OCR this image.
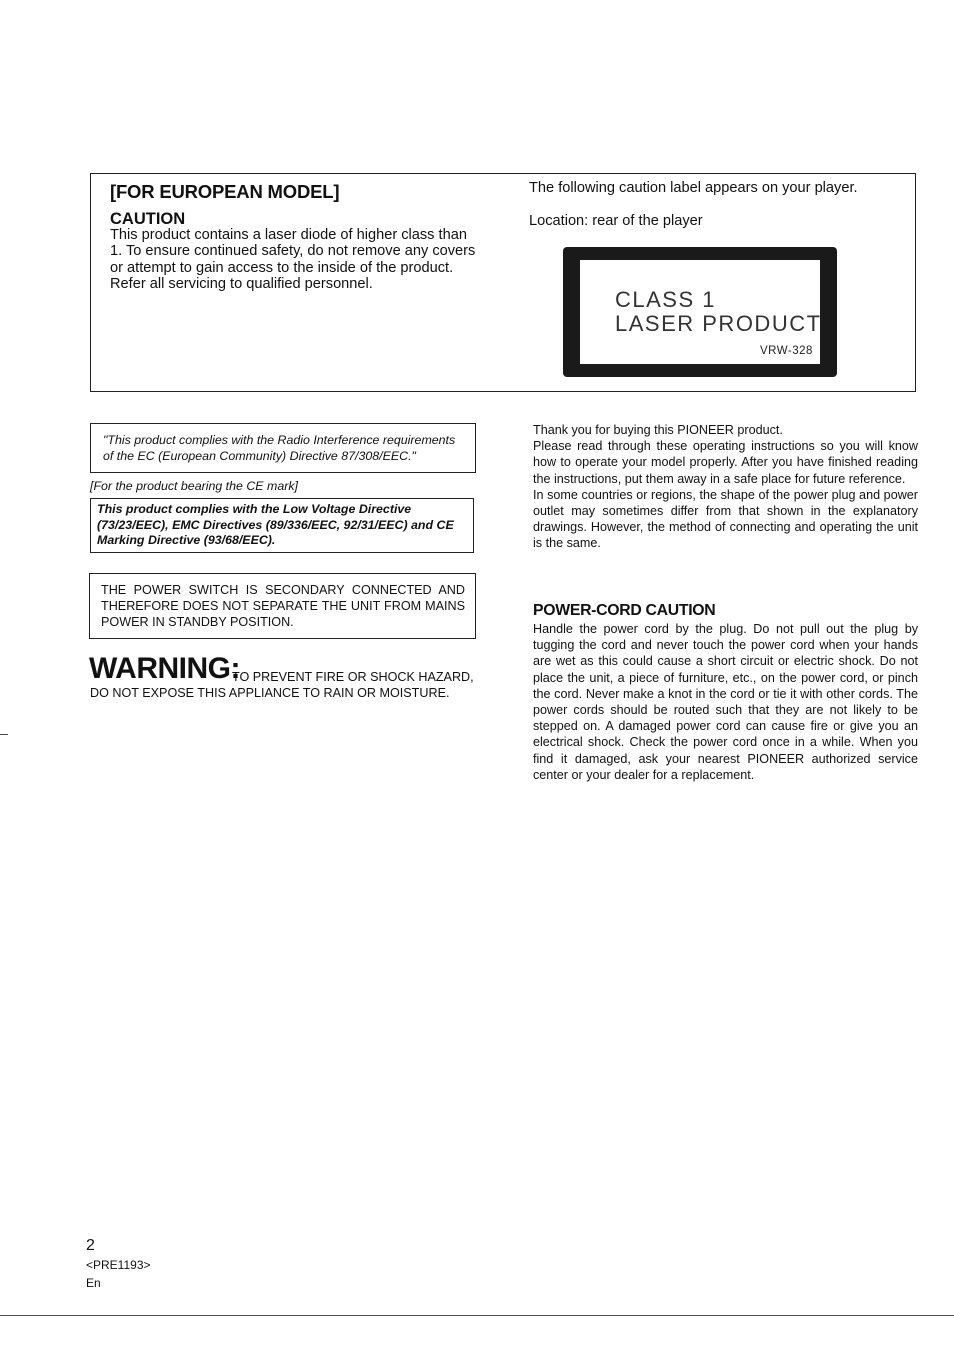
[FOR EUROPEAN MODEL]
CAUTION

This product contains a laser diode of higher class than 1. To ensure continued safety, do not remove any covers or attempt to gain access to the inside of the product.

Refer all servicing to qualified personnel.

The following caution label appears on your player.
Location: rear of the player
CLASS 1
LASER PRODUCT
VRW-328
"This product complies with the Radio Interference requirements of the EC (European Community) Directive 87/308/EEC."
[For the product bearing the CE mark]
This product complies with the Low Voltage Directive (73/23/EEC), EMC Directives (89/336/EEC, 92/31/EEC) and CE Marking Directive (93/68/EEC).
THE POWER SWITCH IS SECONDARY CONNECTED AND THEREFORE DOES NOT SEPARATE THE UNIT FROM MAINS POWER IN STANDBY POSITION.
WARNING:
TO PREVENT FIRE OR SHOCK HAZARD,
DO NOT EXPOSE THIS APPLIANCE TO RAIN OR MOISTURE.

Thank you for buying this PIONEER product.

Please read through these operating instructions so you will know how to operate your model properly. After you have finished reading the instructions, put them away in a safe place for future reference.

In some countries or regions, the shape of the power plug and power outlet may sometimes differ from that shown in the explanatory drawings. However, the method of connecting and operating the unit is the same.

POWER-CORD CAUTION
Handle the power cord by the plug. Do not pull out the plug by tugging the cord and never touch the power cord when your hands are wet as this could cause a short circuit or electric shock. Do not place the unit, a piece of furniture, etc., on the power cord, or pinch the cord. Never make a knot in the cord or tie it with other cords. The power cords should be routed such that they are not likely to be stepped on. A damaged power cord can cause fire or give you an electrical shock. Check the power cord once in a while. When you find it damaged, ask your nearest PIONEER authorized service center or your dealer for a replacement.
2
<PRE1193>
En
